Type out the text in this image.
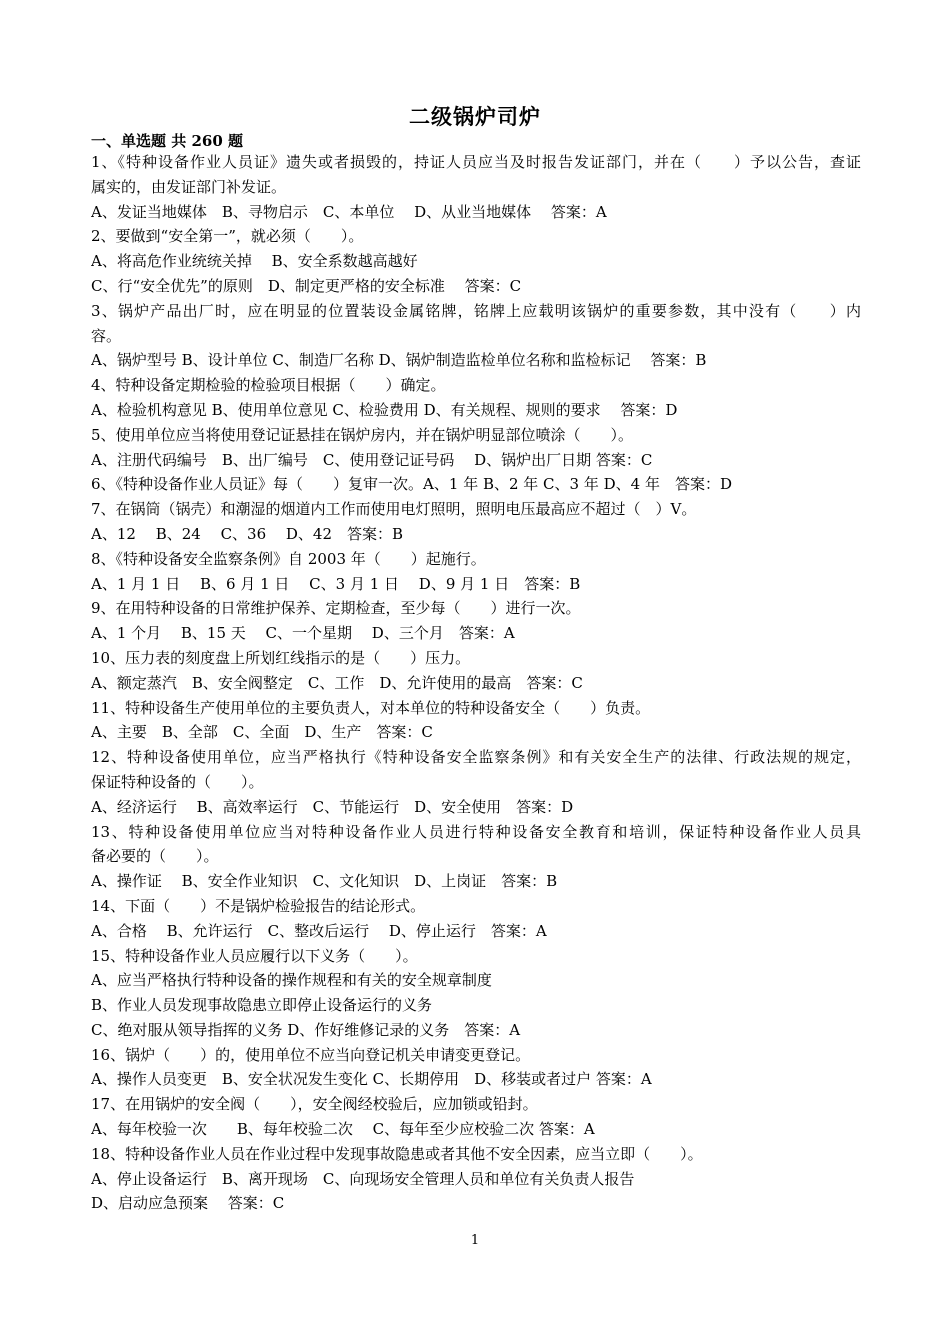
二级锅炉司炉
一、单选题 共 260 题
1、《特种设备作业人员证》遗失或者损毁的，持证人员应当及时报告发证部门，并在（　　）予以公告，查证
属实的，由发证部门补发证。
A、发证当地媒体　B、寻物启示　C、本单位　 D、从业当地媒体　 答案：A
2、要做到“安全第一”，就必须（　　）。
A、将高危作业统统关掉　 B、安全系数越高越好
C、行“安全优先”的原则　D、制定更严格的安全标准　 答案：C
3、锅炉产品出厂时，应在明显的位置装设金属铭牌，铭牌上应载明该锅炉的重要参数，其中没有（　　）内
容。
A、锅炉型号 B、设计单位 C、制造厂名称 D、锅炉制造监检单位名称和监检标记　 答案：B
4、特种设备定期检验的检验项目根据（　　）确定。
A、检验机构意见 B、使用单位意见 C、检验费用 D、有关规程、规则的要求　 答案：D
5、使用单位应当将使用登记证悬挂在锅炉房内，并在锅炉明显部位喷涂（　　）。
A、注册代码编号　B、出厂编号　C、使用登记证号码　 D、锅炉出厂日期 答案：C
6、《特种设备作业人员证》每（　　）复审一次。A、1 年 B、2 年 C、3 年 D、4 年　答案：D
7、在锅筒（锅壳）和潮湿的烟道内工作而使用电灯照明，照明电压最高应不超过（　）V。
A、12　 B、24　 C、36　 D、42　答案：B
8、《特种设备安全监察条例》自 2003 年（　　）起施行。
A、1 月 1 日　 B、6 月 1 日　 C、3 月 1 日　 D、9 月 1 日　答案：B
9、在用特种设备的日常维护保养、定期检查，至少每（　　）进行一次。
A、1 个月　 B、15 天　 C、一个星期　 D、三个月　答案：A
10、压力表的刻度盘上所划红线指示的是（　　）压力。
A、额定蒸汽　B、安全阀整定　C、工作　D、允许使用的最高　答案：C
11、特种设备生产使用单位的主要负责人，对本单位的特种设备安全（　　）负责。
A、主要　B、全部　C、全面　D、生产　答案：C
12、特种设备使用单位，应当严格执行《特种设备安全监察条例》和有关安全生产的法律、行政法规的规定，
保证特种设备的（　　）。
A、经济运行　 B、高效率运行　C、节能运行　D、安全使用　答案：D
13、特种设备使用单位应当对特种设备作业人员进行特种设备安全教育和培训，保证特种设备作业人员具
备必要的（　　）。
A、操作证　 B、安全作业知识　C、文化知识　D、上岗证　答案：B
14、下面（　　）不是锅炉检验报告的结论形式。
A、合格　 B、允许运行　C、整改后运行　 D、停止运行　答案：A
15、特种设备作业人员应履行以下义务（　　）。
A、应当严格执行特种设备的操作规程和有关的安全规章制度
B、作业人员发现事故隐患立即停止设备运行的义务
C、绝对服从领导指挥的义务 D、作好维修记录的义务　答案：A
16、锅炉（　　）的，使用单位不应当向登记机关申请变更登记。
A、操作人员变更　B、安全状况发生变化 C、长期停用　D、移装或者过户 答案：A
17、在用锅炉的安全阀（　　），安全阀经校验后，应加锁或铅封。
A、每年校验一次　　B、每年校验二次　 C、每年至少应校验二次 答案：A
18、特种设备作业人员在作业过程中发现事故隐患或者其他不安全因素，应当立即（　　）。
A、停止设备运行　B、离开现场　C、向现场安全管理人员和单位有关负责人报告
D、启动应急预案　 答案：C
1
